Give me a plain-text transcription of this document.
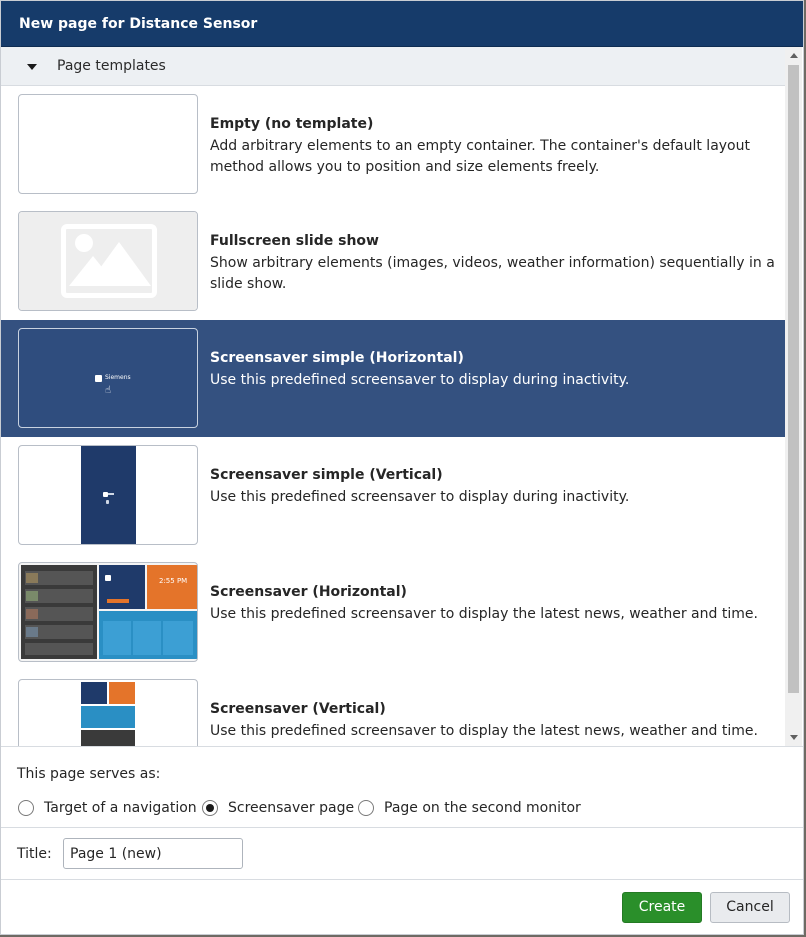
New page for Distance Sensor
Page templates
Empty (no template)
Add arbitrary elements to an empty container. The container's default layout method allows you to position and size elements freely.
Fullscreen slide show
Show arbitrary elements (images, videos, weather information) sequentially in a slide show.
Siemens
☝
Screensaver simple (Horizontal)
Use this predefined screensaver to display during inactivity.
Screensaver simple (Vertical)
Use this predefined screensaver to display during inactivity.
2:55 PM
Screensaver (Horizontal)
Use this predefined screensaver to display the latest news, weather and time.
Screensaver (Vertical)
Use this predefined screensaver to display the latest news, weather and time.
This page serves as:
Target of a navigation Screensaver page Page on the second monitor
Title:
Page 1 (new)
Create	Cancel
